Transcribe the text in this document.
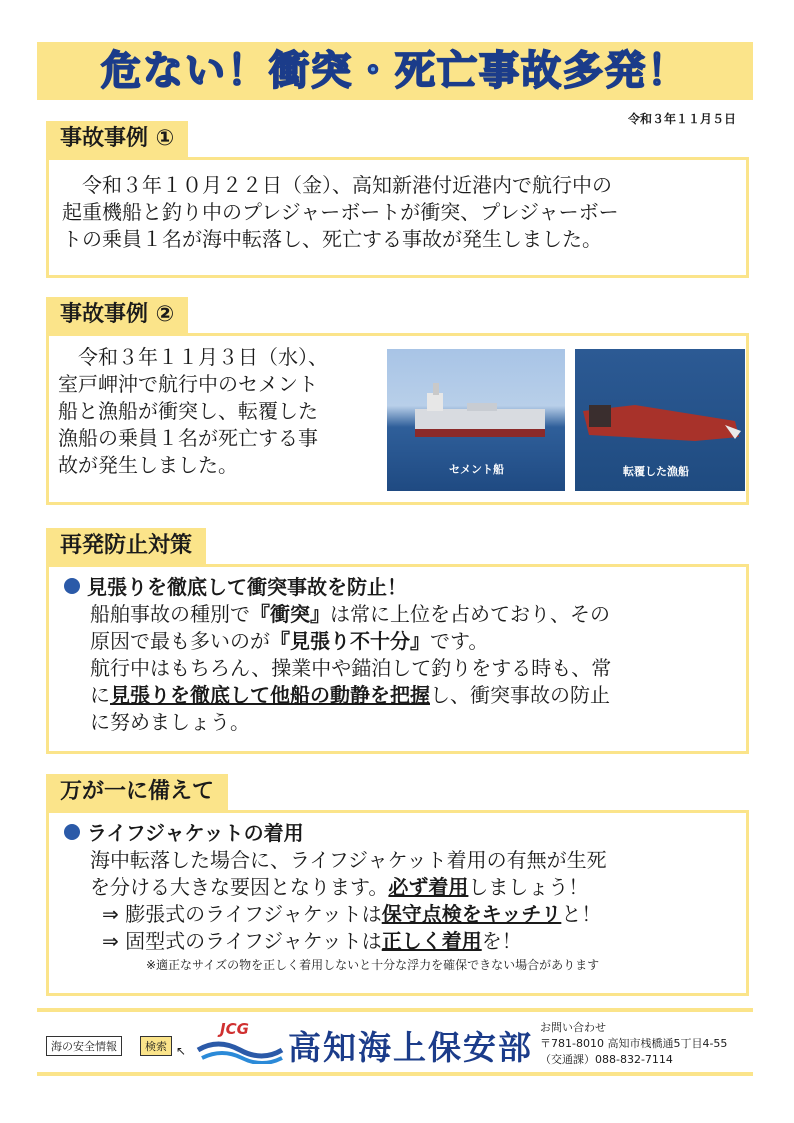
危ない！衝突・死亡事故多発！
令和３年１１月５日
事故事例 ①
　令和３年１０月２２日（金）、高知新港付近港内で航行中の
起重機船と釣り中のプレジャーボートが衝突、プレジャーボー
トの乗員１名が海中転落し、死亡する事故が発生しました。
事故事例 ②
　令和３年１１月３日（水）、
室戸岬沖で航行中のセメント
船と漁船が衝突し、転覆した
漁船の乗員１名が死亡する事
故が発生しました。	セメント船	転覆した漁船
再発防止対策
見張りを徹底して衝突事故を防止！
船舶事故の種別で『衝突』は常に上位を占めており、その
原因で最も多いのが『見張り不十分』です。
航行中はもちろん、操業中や錨泊して釣りをする時も、常
に見張りを徹底して他船の動静を把握し、衝突事故の防止
に努めましょう。
万が一に備えて
ライフジャケットの着用
海中転落した場合に、ライフジャケット着用の有無が生死
を分ける大きな要因となります。必ず着用しましょう！
⇒ 膨張式のライフジャケットは保守点検をキッチリと！
⇒ 固型式のライフジャケットは正しく着用を！
※適正なサイズの物を正しく着用しないと十分な浮力を確保できない場合があります
海の安全情報	検索 ↖
JCG 高知海上保安部
お問い合わせ
〒781-8010 高知市桟橋通5丁目4-55
（交通課）088-832-7114
